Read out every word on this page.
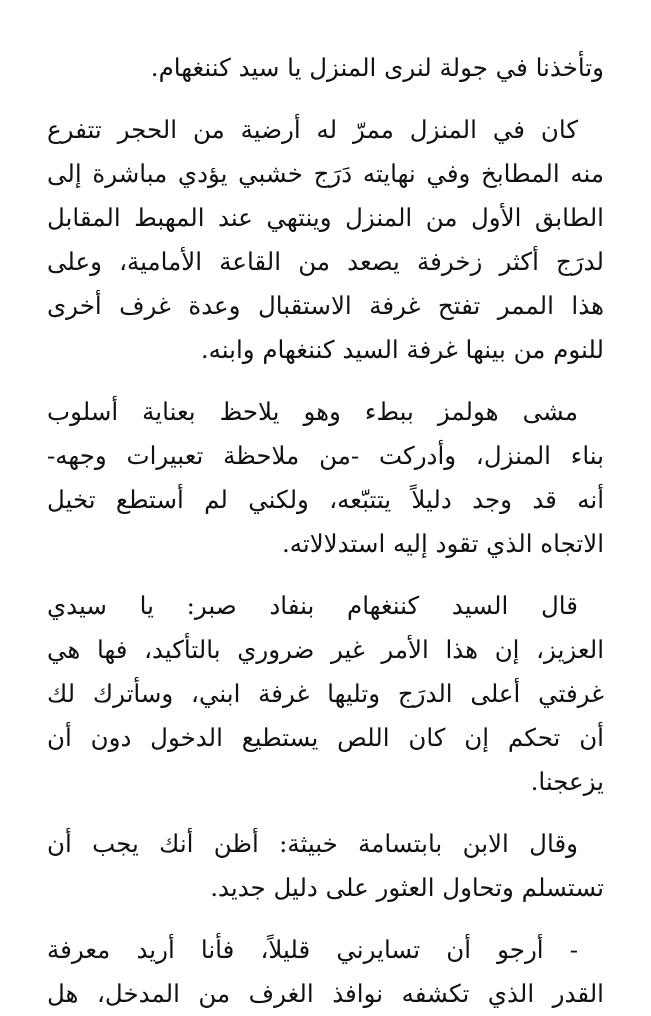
وتأخذنا في جولة لنرى المنزل يا سيد كننغهام.

كان في المنزل ممرّ له أرضية من الحجر تتفرع
منه المطابخ وفي نهايته دَرَج خشبي يؤدي مباشرة إلى
الطابق الأول من المنزل وينتهي عند المهبط المقابل
لدرَج أكثر زخرفة يصعد من القاعة الأمامية، وعلى
هذا الممر تفتح غرفة الاستقبال وعدة غرف أخرى
للنوم من بينها غرفة السيد كننغهام وابنه.

مشى هولمز ببطء وهو يلاحظ بعناية أسلوب
بناء المنزل، وأدركت -من ملاحظة تعبيرات وجهه-
أنه قد وجد دليلاً يتتبّعه، ولكني لم أستطع تخيل
الاتجاه الذي تقود إليه استدلالاته.

قال السيد كننغهام بنفاد صبر: يا سيدي
العزيز، إن هذا الأمر غير ضروري بالتأكيد، فها هي
غرفتي أعلى الدرَج وتليها غرفة ابني، وسأترك لك
أن تحكم إن كان اللص يستطيع الدخول دون أن
يزعجنا.

وقال الابن بابتسامة خبيثة: أظن أنك يجب أن
تستسلم وتحاول العثور على دليل جديد.

- أرجو أن تسايرني قليلاً، فأنا أريد معرفة
القدر الذي تكشفه نوافذ الغرف من المدخل، هل
